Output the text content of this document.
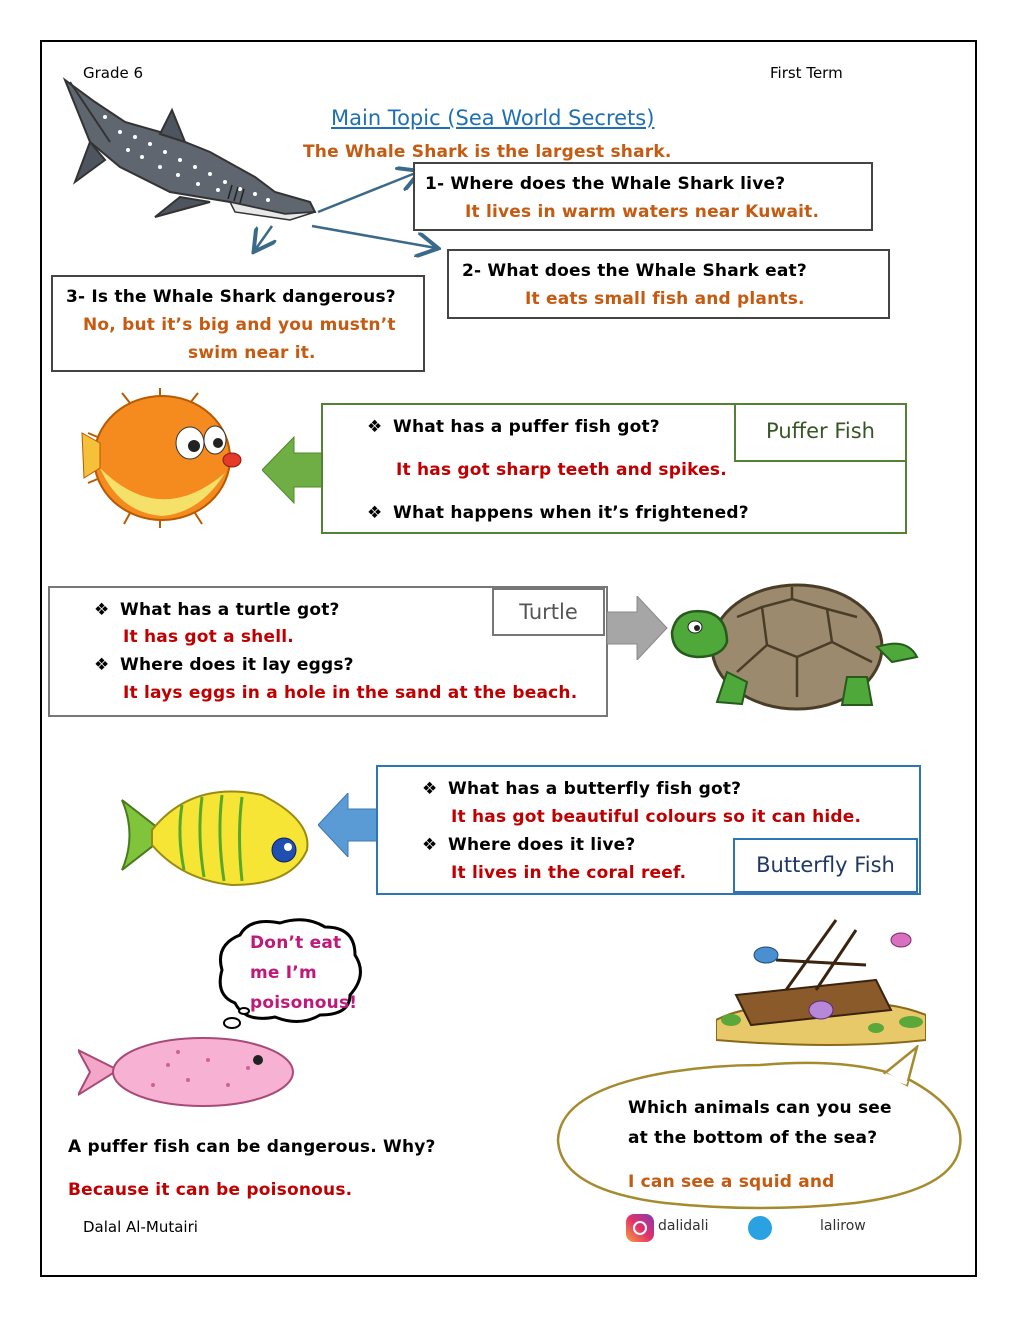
Grade 6	First Term
Main Topic (Sea World Secrets)
The Whale Shark is the largest shark.
1- Where does the Whale Shark live?
It lives in warm waters near Kuwait.
2- What does the Whale Shark eat?
It eats small fish and plants.
3- Is the Whale Shark dangerous?
No, but it’s big and you mustn’t
swim near it.
❖ What has a puffer fish got?
It has got sharp teeth and spikes.
❖ What happens when it’s frightened?
Puffer Fish
❖ What has a turtle got?
It has got a shell.
❖ Where does it lay eggs?
It lays eggs in a hole in the sand at the beach.
Turtle
❖ What has a butterfly fish got?
It has got beautiful colours so it can hide.
❖ Where does it live?
It lives in the coral reef.	Butterfly Fish
Don’t eat
me I’m
poisonous!
Which animals can you see
at the bottom of the sea?
I can see a squid and
A puffer fish can be dangerous. Why?
Because it can be poisonous.
Dalal Al-Mutairi	dalidali	lalirow
